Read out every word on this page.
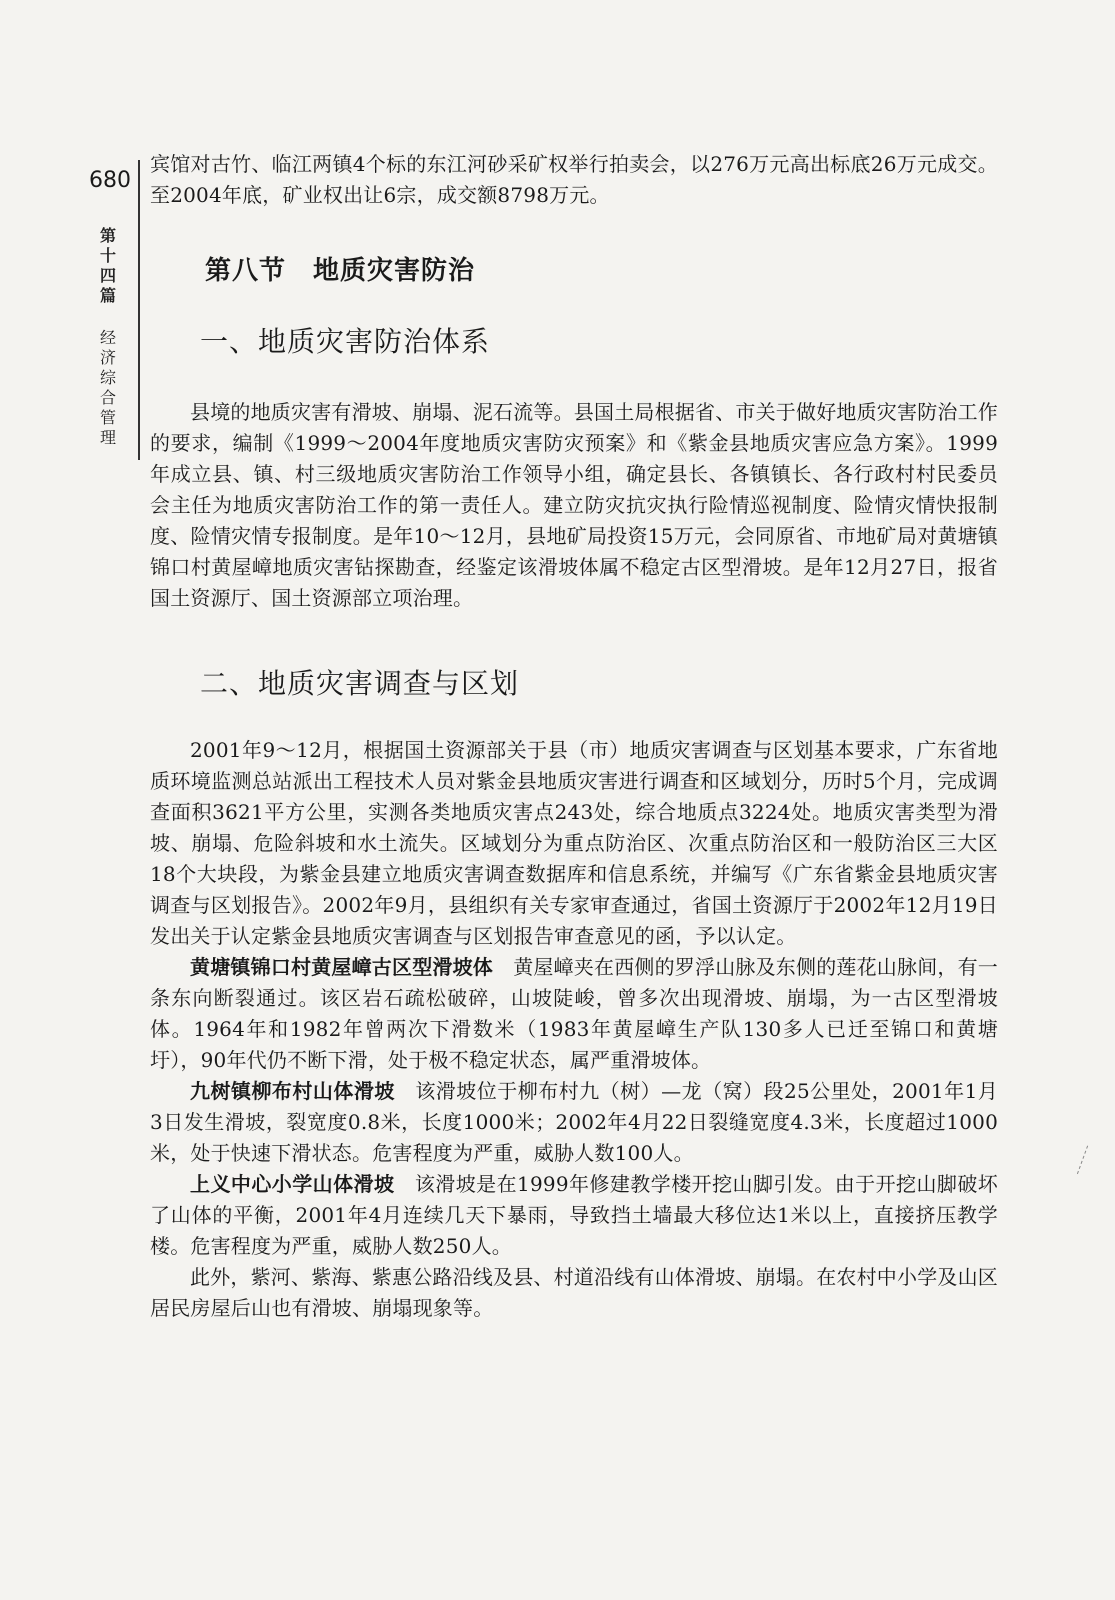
680
第十四篇
经济综合管理

宾馆对古竹、临江两镇4个标的东江河砂采矿权举行拍卖会，以276万元高出标底26万元成交。至2004年底，矿业权出让6宗，成交额8798万元。

第八节　地质灾害防治
一、地质灾害防治体系

县境的地质灾害有滑坡、崩塌、泥石流等。县国土局根据省、市关于做好地质灾害防治工作的要求，编制《1999～2004年度地质灾害防灾预案》和《紫金县地质灾害应急方案》。1999年成立县、镇、村三级地质灾害防治工作领导小组，确定县长、各镇镇长、各行政村村民委员会主任为地质灾害防治工作的第一责任人。建立防灾抗灾执行险情巡视制度、险情灾情快报制度、险情灾情专报制度。是年10～12月，县地矿局投资15万元，会同原省、市地矿局对黄塘镇锦口村黄屋嶂地质灾害钻探勘查，经鉴定该滑坡体属不稳定古区型滑坡。是年12月27日，报省国土资源厅、国土资源部立项治理。

二、地质灾害调查与区划

2001年9～12月，根据国土资源部关于县（市）地质灾害调查与区划基本要求，广东省地质环境监测总站派出工程技术人员对紫金县地质灾害进行调查和区域划分，历时5个月，完成调查面积3621平方公里，实测各类地质灾害点243处，综合地质点3224处。地质灾害类型为滑坡、崩塌、危险斜坡和水土流失。区域划分为重点防治区、次重点防治区和一般防治区三大区18个大块段，为紫金县建立地质灾害调查数据库和信息系统，并编写《广东省紫金县地质灾害调查与区划报告》。2002年9月，县组织有关专家审查通过，省国土资源厅于2002年12月19日发出关于认定紫金县地质灾害调查与区划报告审查意见的函，予以认定。

黄塘镇锦口村黄屋嶂古区型滑坡体　黄屋嶂夹在西侧的罗浮山脉及东侧的莲花山脉间，有一条东向断裂通过。该区岩石疏松破碎，山坡陡峻，曾多次出现滑坡、崩塌，为一古区型滑坡体。1964年和1982年曾两次下滑数米（1983年黄屋嶂生产队130多人已迁至锦口和黄塘圩），90年代仍不断下滑，处于极不稳定状态，属严重滑坡体。

九树镇柳布村山体滑坡　该滑坡位于柳布村九（树）—龙（窝）段25公里处，2001年1月3日发生滑坡，裂宽度0.8米，长度1000米；2002年4月22日裂缝宽度4.3米，长度超过1000米，处于快速下滑状态。危害程度为严重，威胁人数100人。

上义中心小学山体滑坡　该滑坡是在1999年修建教学楼开挖山脚引发。由于开挖山脚破坏了山体的平衡，2001年4月连续几天下暴雨，导致挡土墙最大移位达1米以上，直接挤压教学楼。危害程度为严重，威胁人数250人。

此外，紫河、紫海、紫惠公路沿线及县、村道沿线有山体滑坡、崩塌。在农村中小学及山区居民房屋后山也有滑坡、崩塌现象等。
